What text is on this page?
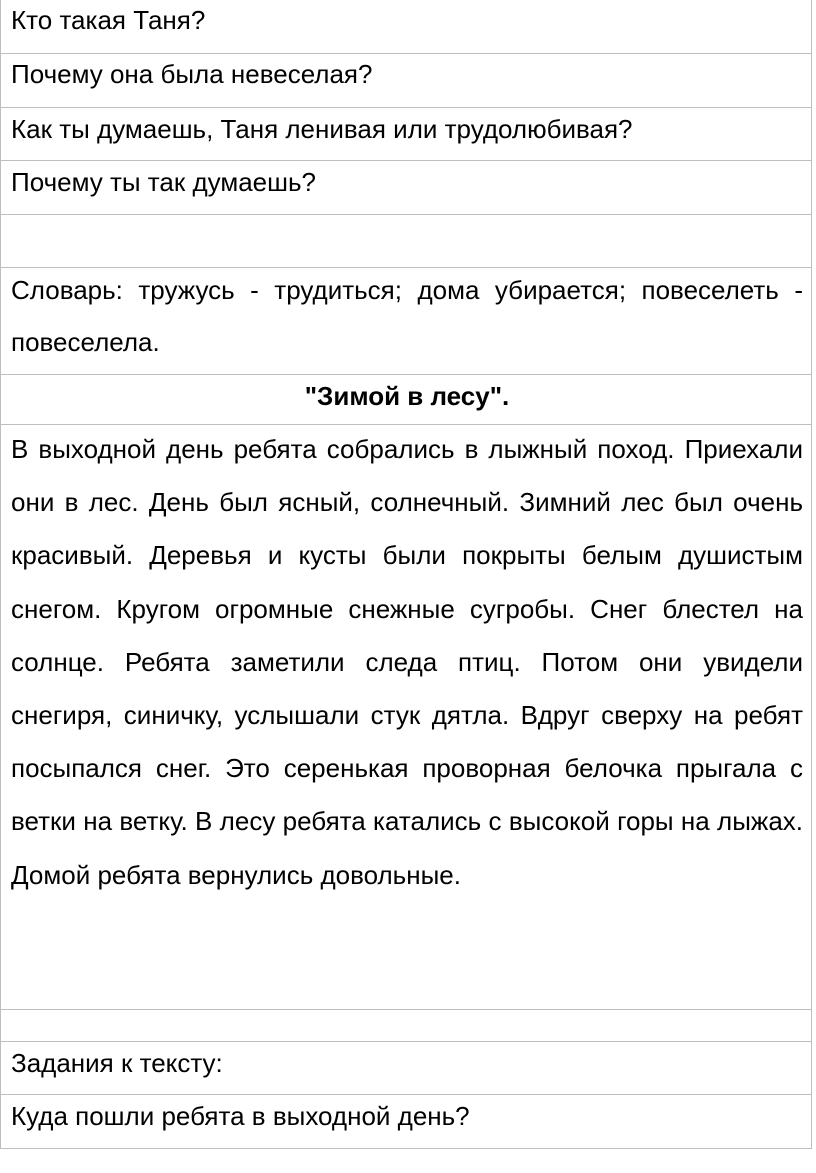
Кто такая Таня?
Почему она была невеселая?
Как ты думаешь, Таня ленивая или трудолюбивая?
Почему ты так думаешь?
Словарь: тружусь - трудиться; дома убирается; повеселеть - повеселела.
"Зимой в лесу".
В выходной день ребята собрались в лыжный поход. Приехали они в лес. День был ясный, солнечный. Зимний лес был очень красивый. Деревья и кусты были покрыты белым душистым снегом. Кругом огромные снежные сугробы. Снег блестел на солнце. Ребята заметили следа птиц. Потом они увидели снегиря, синичку, услышали стук дятла. Вдруг сверху на ребят посыпался снег. Это серенькая проворная белочка прыгала с ветки на ветку. В лесу ребята катались с высокой горы на лыжах. Домой ребята вернулись довольные.
Задания к тексту:
Куда пошли ребята в выходной день?
